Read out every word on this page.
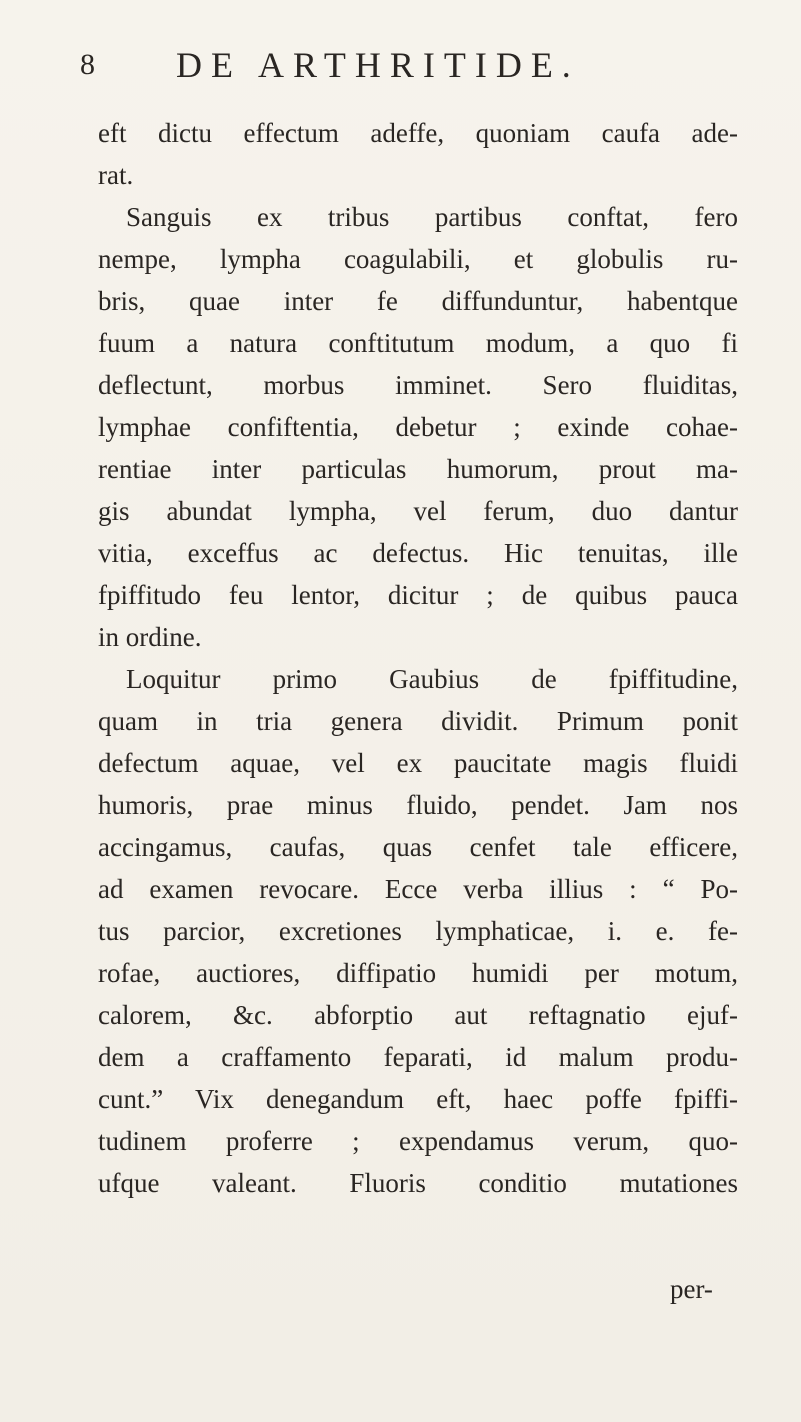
8 DE ARTHRITIDE.
eft dictu effectum adeffe, quoniam caufa ade-
rat.
Sanguis ex tribus partibus conftat, fero
nempe, lympha coagulabili, et globulis ru-
bris, quae inter fe diffunduntur, habentque
fuum a natura conftitutum modum, a quo fi
deflectunt, morbus imminet. Sero fluiditas,
lymphae confiftentia, debetur ; exinde cohae-
rentiae inter particulas humorum, prout ma-
gis abundat lympha, vel ferum, duo dantur
vitia, exceffus ac defectus. Hic tenuitas, ille
fpiffitudo feu lentor, dicitur ; de quibus pauca
in ordine.
Loquitur primo Gaubius de fpiffitudine,
quam in tria genera dividit. Primum ponit
defectum aquae, vel ex paucitate magis fluidi
humoris, prae minus fluido, pendet. Jam nos
accingamus, caufas, quas cenfet tale efficere,
ad examen revocare. Ecce verba illius : “ Po-
tus parcior, excretiones lymphaticae, i. e. fe-
rofae, auctiores, diffipatio humidi per motum,
calorem, &c. abforptio aut reftagnatio ejuf-
dem a craffamento feparati, id malum produ-
cunt.” Vix denegandum eft, haec poffe fpiffi-
tudinem proferre ; expendamus verum, quo-
ufque valeant. Fluoris conditio mutationes
per-
